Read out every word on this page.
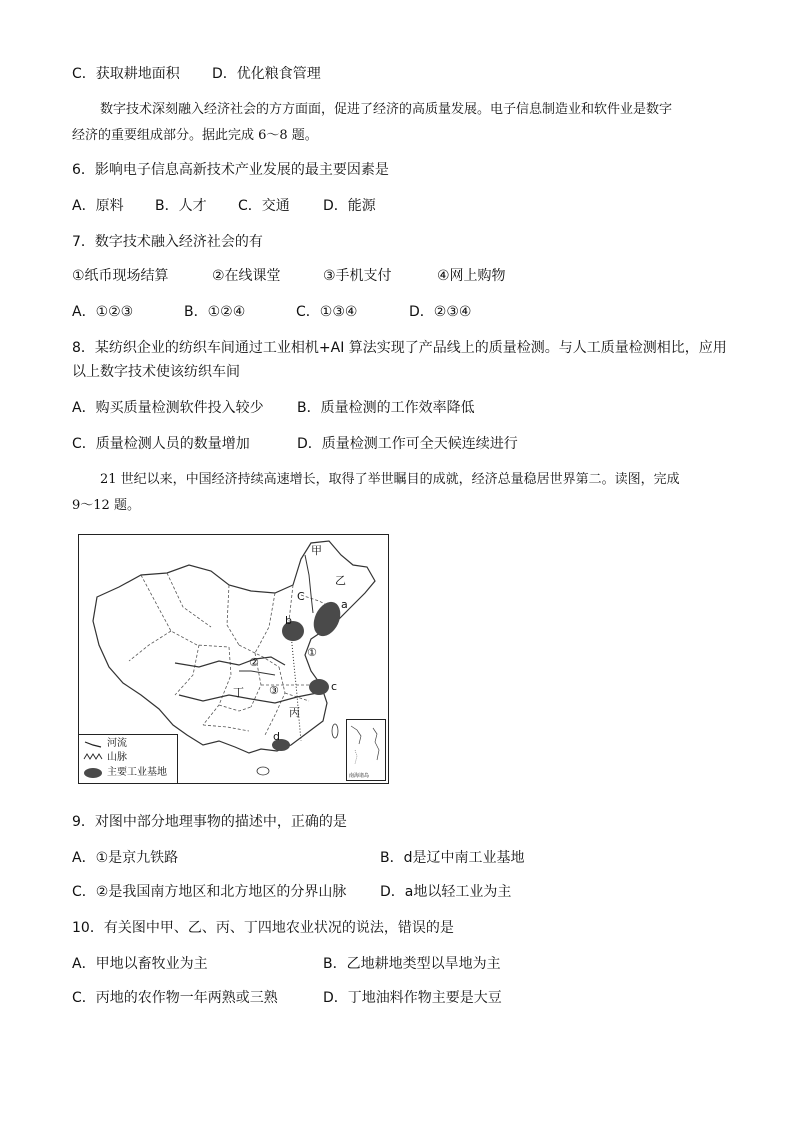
C．获取耕地面积 D．优化粮食管理
数字技术深刻融入经济社会的方方面面，促进了经济的高质量发展。电子信息制造业和软件业是数字
经济的重要组成部分。据此完成 6～8 题。
6．影响电子信息高新技术产业发展的最主要因素是
A．原料 B．人才 C．交通 D．能源
7．数字技术融入经济社会的有
①纸币现场结算	②在线课堂	③手机支付	④网上购物
A．①②③	B．①②④	C．①③④	D．②③④
8．某纺织企业的纺织车间通过工业相机+AI 算法实现了产品线上的质量检测。与人工质量检测相比，应用
以上数字技术使该纺织车间
A．购买质量检测软件投入较少 B．质量检测的工作效率降低
C．质量检测人员的数量增加	D．质量检测工作可全天候连续进行
21 世纪以来，中国经济持续高速增长，取得了举世瞩目的成就，经济总量稳居世界第二。读图，完成
9～12 题。
甲
乙
C
a
b
①
②
③	c
丁
丙
d
河流
山脉
主要工业基地	南海诸岛
9．对图中部分地理事物的描述中，正确的是
A．①是京九铁路	B．d是辽中南工业基地
C．②是我国南方地区和北方地区的分界山脉 D．a地以轻工业为主
10．有关图中甲、乙、丙、丁四地农业状况的说法，错误的是
A．甲地以畜牧业为主	B．乙地耕地类型以旱地为主
C．丙地的农作物一年两熟或三熟	D．丁地油料作物主要是大豆
